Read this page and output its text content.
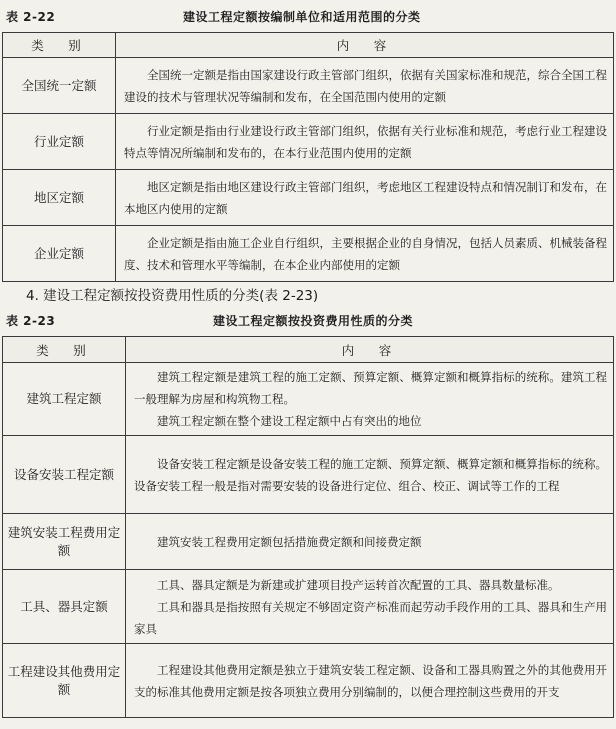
表 2-22	建设工程定额按编制单位和适用范围的分类
类　别	内　容
全国统一定额	全国统一定额是指由国家建设行政主管部门组织，依据有关国家标准和规范，综合全国工程建设的技术与管理状况等编制和发布，在全国范围内使用的定额

行业定额	行业定额是指由行业建设行政主管部门组织，依据有关行业标准和规范，考虑行业工程建设特点等情况所编制和发布的，在本行业范围内使用的定额

地区定额	地区定额是指由地区建设行政主管部门组织，考虑地区工程建设特点和情况制订和发布，在本地区内使用的定额

企业定额	企业定额是指由施工企业自行组织，主要根据企业的自身情况，包括人员素质、机械装备程度、技术和管理水平等编制，在本企业内部使用的定额
4. 建设工程定额按投资费用性质的分类(表 2-23)
表 2-23	建设工程定额按投资费用性质的分类
类　别	内　容
建筑工程定额	建筑工程定额是建筑工程的施工定额、预算定额、概算定额和概算指标的统称。建筑工程一般理解为房屋和构筑物工程。
建筑工程定额在整个建设工程定额中占有突出的地位

设备安装工程定额	设备安装工程定额是设备安装工程的施工定额、预算定额、概算定额和概算指标的统称。设备安装工程一般是指对需要安装的设备进行定位、组合、校正、调试等工作的工程

建筑安装工程费用定额	建筑安装工程费用定额包括措施费定额和间接费定额

工具、器具定额	工具、器具定额是为新建或扩建项目投产运转首次配置的工具、器具数量标准。
工具和器具是指按照有关规定不够固定资产标准而起劳动手段作用的工具、器具和生产用家具

工程建设其他费用定额	工程建设其他费用定额是独立于建筑安装工程定额、设备和工器具购置之外的其他费用开支的标准其他费用定额是按各项独立费用分别编制的，以便合理控制这些费用的开支
